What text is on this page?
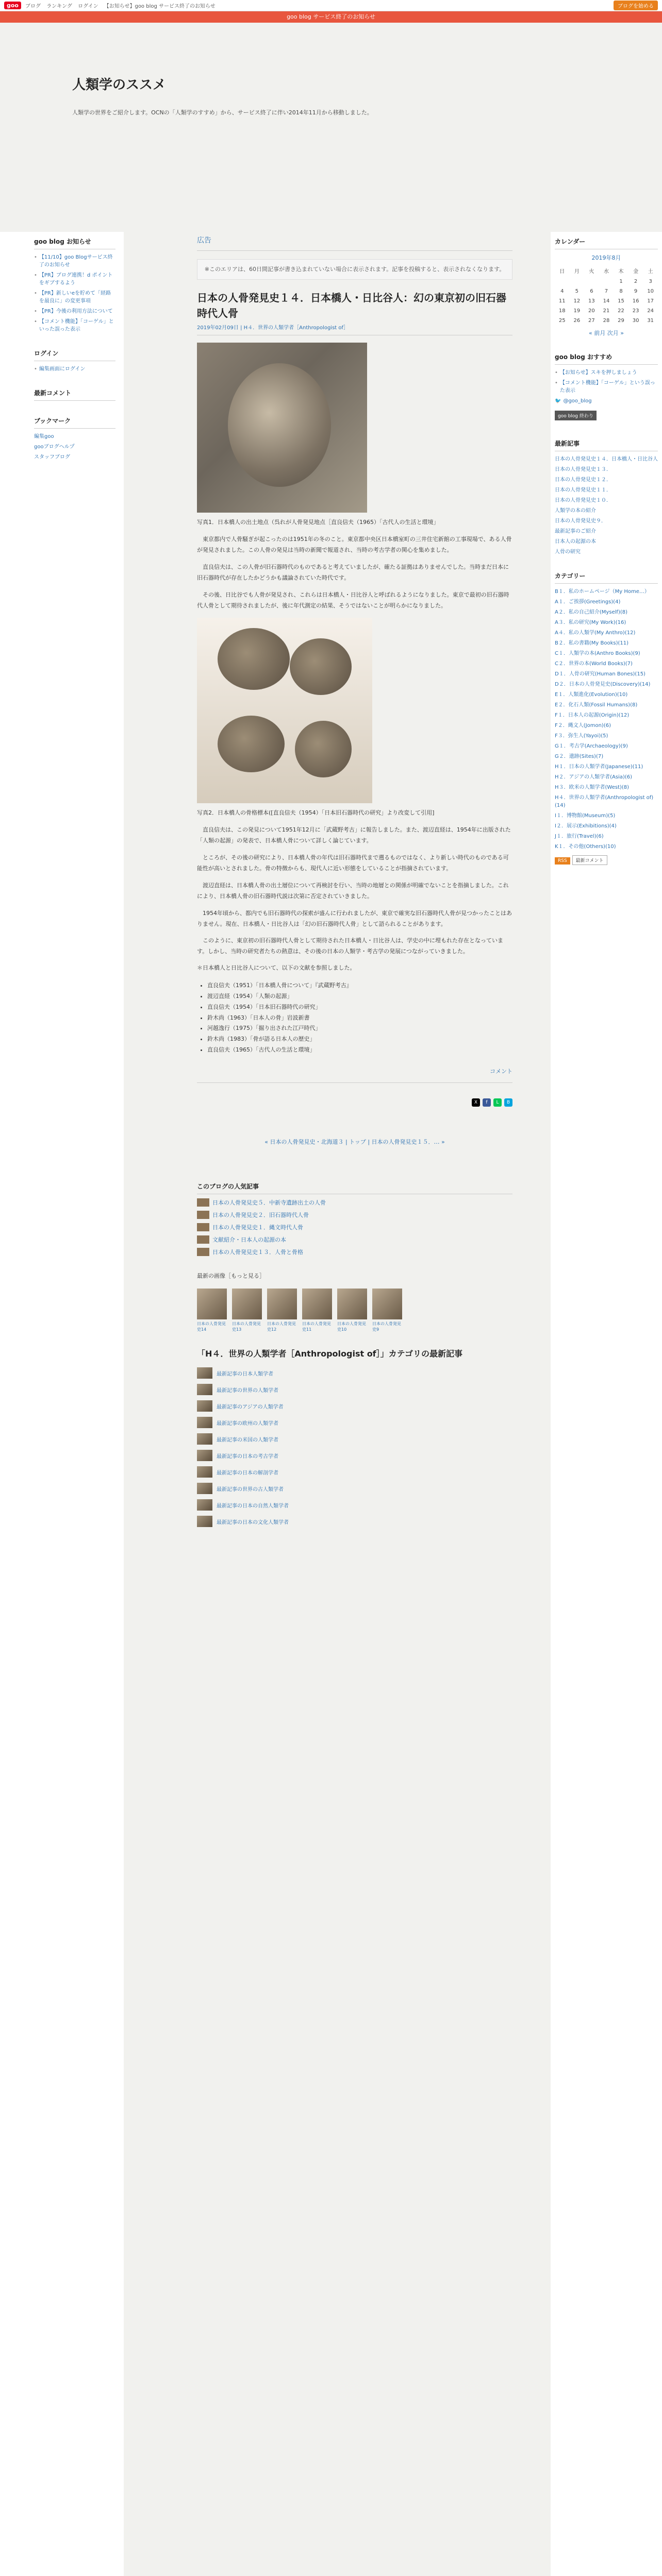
goo	ブログ ランキング ログイン 【お知らせ】goo blog サービス終了のお知らせ	ブログを始める
goo blog サービス終了のお知らせ
人類学のススメ
人類学の世界をご紹介します。OCNの「人類学のすすめ」から、サービス終了に伴い2014年11月から移動しました。
goo blog お知らせ
• 【11/10】goo Blogサービス終了のお知らせ
• 【PR】ブログ連携！d ポイントをギブするよう
• 【PR】新しいeを貯めて「経路を最良に」の変更事項
• 【PR】今後の利用方法について
• 【コメント機能】「コーゲル」といった誤った表示
ログイン
• 編集画面にログイン
最新コメント
ブックマーク
編集goo
gooブログヘルプ
スタッフブログ
広告
※このエリアは、60日間記事が書き込まれていない場合に表示されます。記事を投稿すると、表示されなくなります。
日本の人骨発見史１４．日本橋人・日比谷人：幻の東京初の旧石器時代人骨
2019年02月09日 | H４．世界の人類学者［Anthropologist of］
写真1．日本橋人の出土地点（呉れが人骨発見地点［直良信夫（1965）「古代人の生活と環境」

東京都内で人骨騒ぎが起こったのは1951年の冬のこと。東京都中央区日本橋室町の三井住宅新館の工事現場で、ある人骨が発見されました。この人骨の発見は当時の新聞で報道され、当時の考古学者の関心を集めました。

直良信夫は、この人骨が旧石器時代のものであると考えていましたが、確たる証拠はありませんでした。当時まだ日本に旧石器時代が存在したかどうかも議論されていた時代です。

その後、日比谷でも人骨が発見され、これらは日本橋人・日比谷人と呼ばれるようになりました。東京で最初の旧石器時代人骨として期待されましたが、後に年代測定の結果、そうではないことが明らかになりました。

写真2．日本橋人の骨格標本([直良信夫（1954）「日本旧石器時代の研究」より改変して引用]

直良信夫は、この発見について1951年12月に「武蔵野考古」に報告しました。また、渡辺直経は、1954年に出版された「人類の起源」の発表で、日本橋人骨について詳しく論じています。

ところが、その後の研究により、日本橋人骨の年代は旧石器時代まで遡るものではなく、より新しい時代のものである可能性が高いとされました。骨の特徴からも、現代人に近い形態をしていることが指摘されています。

渡辺直経は、日本橋人骨の出土層位について再検討を行い、当時の地層との関係が明確でないことを指摘しました。これにより、日本橋人骨の旧石器時代説は次第に否定されていきました。

1954年頃から、都内でも旧石器時代の探索が盛んに行われましたが、東京で確実な旧石器時代人骨が見つかったことはありません。現在、日本橋人・日比谷人は「幻の旧石器時代人骨」として語られることがあります。

このように、東京初の旧石器時代人骨として期待された日本橋人・日比谷人は、学史の中に埋もれた存在となっています。しかし、当時の研究者たちの熱意は、その後の日本の人類学・考古学の発展につながっていきました。

＊日本橋人と日比谷人について、以下の文献を参照しました。
• 直良信夫（1951）「日本橋人骨について」『武蔵野考古』
• 渡辺直経（1954）「人類の起源」
• 直良信夫（1954）「日本旧石器時代の研究」
• 鈴木尚（1963）「日本人の骨」岩波新書
• 河越逸行（1975）「掘り出された江戸時代」
• 鈴木尚（1983）「骨が語る日本人の歴史」
• 直良信夫（1965）「古代人の生活と環境」
コメント
X	f	L	B
« 日本の人骨発見史・北海道３ | トップ | 日本の人骨発見史１５．… »
このブログの人気記事
日本の人骨発見史５．中新寺遺跡出土の人骨
日本の人骨発見史２．旧石器時代人骨
日本の人骨発見史１．縄文時代人骨
文献紹介・日本人の起源の本
日本の人骨発見史１３．人骨と骨格
最新の画像［もっと見る］
日本の人骨発見史14
日本の人骨発見史13
日本の人骨発見史12
日本の人骨発見史11
日本の人骨発見史10
日本の人骨発見史9
「H４．世界の人類学者［Anthropologist of］」カテゴリの最新記事
最新記事の日本人類学者
最新記事の世界の人類学者
最新記事のアジアの人類学者
最新記事の欧州の人類学者
最新記事の米国の人類学者
最新記事の日本の考古学者
最新記事の日本の解剖学者
最新記事の世界の古人類学者
最新記事の日本の自然人類学者
最新記事の日本の文化人類学者
カレンダー
2019年8月
日	月	火	水	木	金	土
				1	2	3
4	5	6	7	8	9	10
11	12	13	14	15	16	17
18	19	20	21	22	23	24
25	26	27	28	29	30	31
« 前月 次月 »
goo blog おすすめ
• 【お知らせ】スキを押しましょう
• 【コメント機能】「コーゲル」という誤った表示
🐦 @goo_blog
goo blog 終わり
最新記事
日本の人骨発見史１４．日本橋人・日比谷人
日本の人骨発見史１３．
日本の人骨発見史１２．
日本の人骨発見史１１．
日本の人骨発見史１０．
人類学の本の紹介
日本の人骨発見史９．
最新記事のご紹介
日本人の起源の本
人骨の研究
カテゴリー
B１．私のホームページ（My Home…）
A１．ご挨拶(Greetings)(4)
A２．私の自己紹介(Myself)(8)
A３．私の研究(My Work)(16)
A４．私の人類学(My Anthro)(12)
B２．私の書籍(My Books)(11)
C１．人類学の本(Anthro Books)(9)
C２．世界の本(World Books)(7)
D１．人骨の研究(Human Bones)(15)
D２．日本の人骨発見史(Discovery)(14)
E１．人類進化(Evolution)(10)
E２．化石人類(Fossil Humans)(8)
F１．日本人の起源(Origin)(12)
F２．縄文人(Jomon)(6)
F３．弥生人(Yayoi)(5)
G１．考古学(Archaeology)(9)
G２．遺跡(Sites)(7)
H１．日本の人類学者(Japanese)(11)
H２．アジアの人類学者(Asia)(6)
H３．欧米の人類学者(West)(8)
H４．世界の人類学者(Anthropologist of)(14)
I１．博物館(Museum)(5)
I２．展示(Exhibitions)(4)
J１．旅行(Travel)(6)
K１．その他(Others)(10)
RSS 最新コメント
